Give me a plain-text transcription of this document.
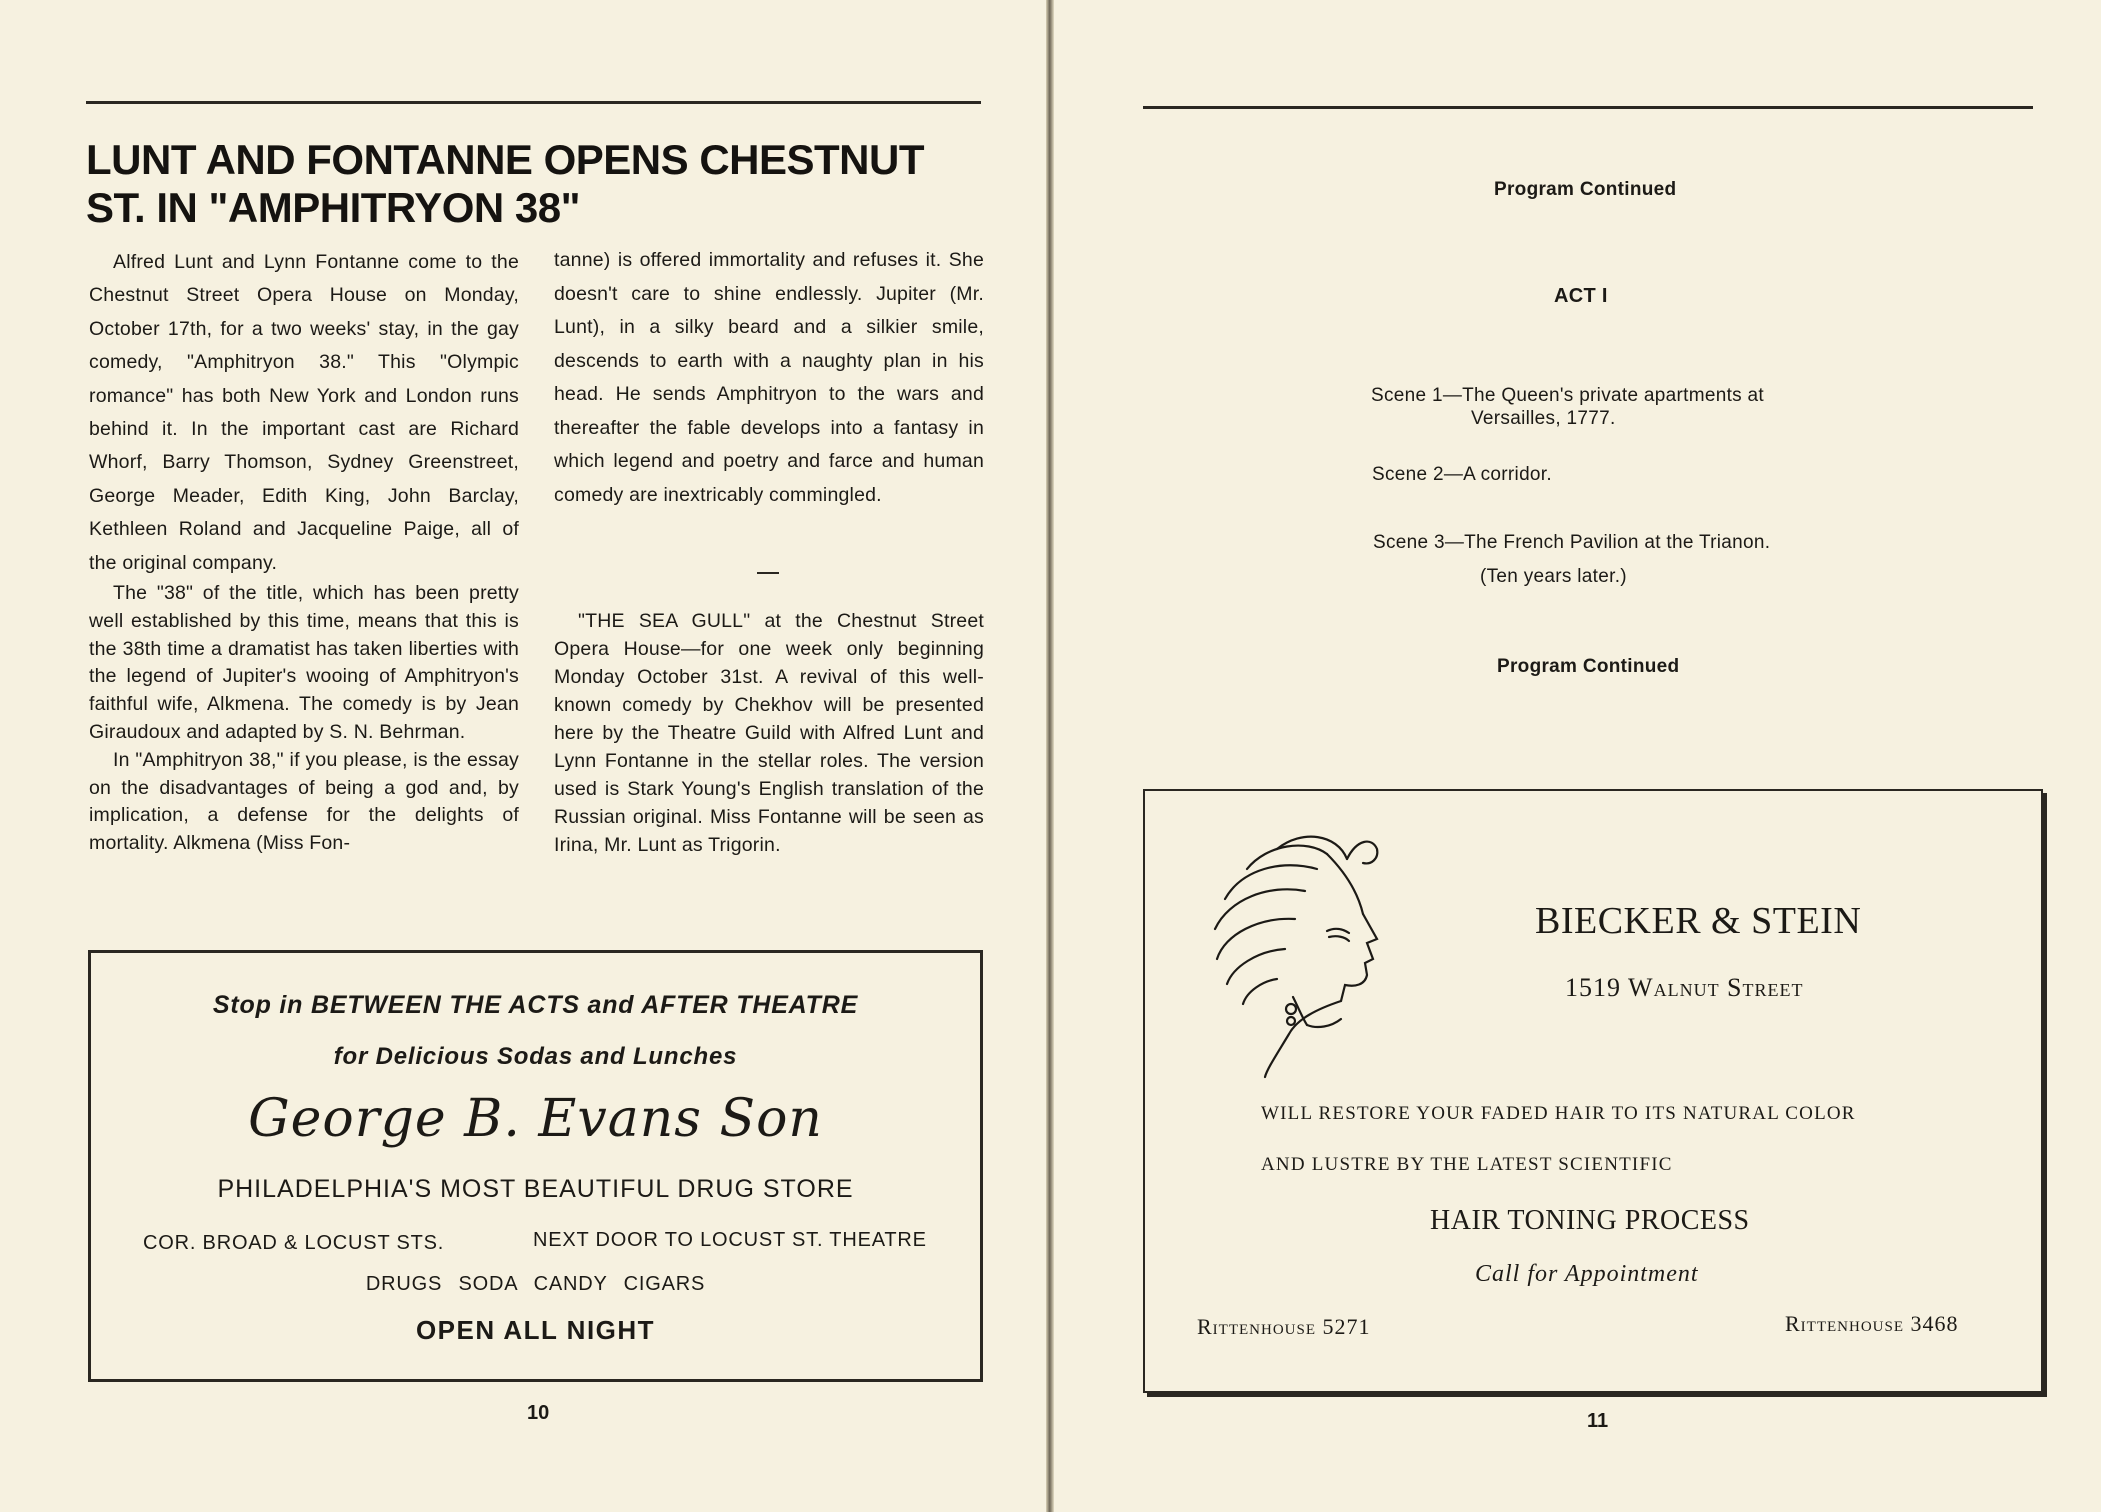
LUNT AND FONTANNE OPENS CHESTNUT ST. IN "AMPHITRYON 38"

Alfred Lunt and Lynn Fontanne come to the Chestnut Street Opera House on Monday, October 17th, for a two weeks' stay, in the gay comedy, "Amphitryon 38." This "Olympic romance" has both New York and London runs behind it. In the important cast are Richard Whorf, Barry Thomson, Sydney Greenstreet, George Meader, Edith King, John Barclay, Kethleen Roland and Jacqueline Paige, all of the original company.

The "38" of the title, which has been pretty well established by this time, means that this is the 38th time a dramatist has taken liberties with the legend of Jupiter's wooing of Amphitryon's faithful wife, Alkmena. The comedy is by Jean Giraudoux and adapted by S. N. Behrman.

In "Amphitryon 38," if you please, is the essay on the disadvantages of being a god and, by implication, a defense for the delights of mortality. Alkmena (Miss Fon-

tanne) is offered immortality and refuses it. She doesn't care to shine endlessly. Jupiter (Mr. Lunt), in a silky beard and a silkier smile, descends to earth with a naughty plan in his head. He sends Amphitryon to the wars and thereafter the fable develops into a fantasy in which legend and poetry and farce and human comedy are inextricably commingled.

"THE SEA GULL" at the Chestnut Street Opera House—for one week only beginning Monday October 31st. A revival of this well-known comedy by Chekhov will be presented here by the Theatre Guild with Alfred Lunt and Lynn Fontanne in the stellar roles. The version used is Stark Young's English translation of the Russian original. Miss Fontanne will be seen as Irina, Mr. Lunt as Trigorin.

Stop in BETWEEN THE ACTS and AFTER THEATRE
for Delicious Sodas and Lunches
George B. Evans Son
PHILADELPHIA'S MOST BEAUTIFUL DRUG STORE
COR. BROAD & LOCUST STS.	NEXT DOOR TO LOCUST ST. THEATRE
DRUGS SODA CANDY CIGARS
OPEN ALL NIGHT
10
Program Continued
ACT I
Scene 1—The Queen's private apartments at
Versailles, 1777.
Scene 2—A corridor.
Scene 3—The French Pavilion at the Trianon.
(Ten years later.)
Program Continued
BIECKER & STEIN
1519 Walnut Street
WILL RESTORE YOUR FADED HAIR TO ITS NATURAL COLOR
AND LUSTRE BY THE LATEST SCIENTIFIC
HAIR TONING PROCESS
Call for Appointment
Rittenhouse 5271	Rittenhouse 3468
11
